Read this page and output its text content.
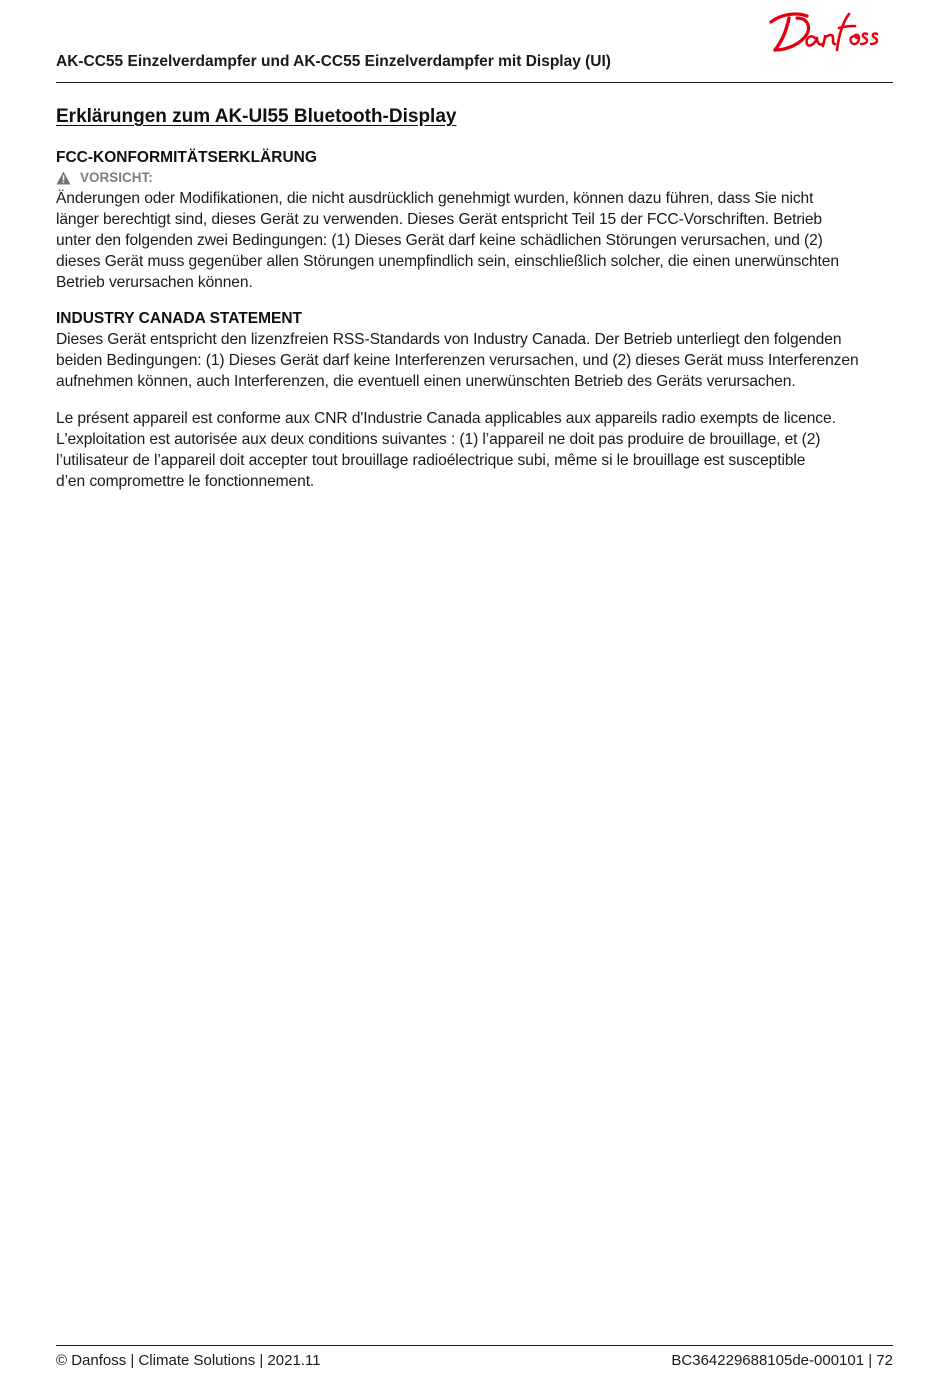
AK-CC55 Einzelverdampfer und AK-CC55 Einzelverdampfer mit Display (UI)
Erklärungen zum AK-UI55 Bluetooth-Display
FCC-KONFORMITÄTSERKLÄRUNG
VORSICHT:

Änderungen oder Modifikationen, die nicht ausdrücklich genehmigt wurden, können dazu führen, dass Sie nicht
länger berechtigt sind, dieses Gerät zu verwenden. Dieses Gerät entspricht Teil 15 der FCC-Vorschriften. Betrieb
unter den folgenden zwei Bedingungen: (1) Dieses Gerät darf keine schädlichen Störungen verursachen, und (2)
dieses Gerät muss gegenüber allen Störungen unempfindlich sein, einschließlich solcher, die einen unerwünschten
Betrieb verursachen können.

INDUSTRY CANADA STATEMENT

Dieses Gerät entspricht den lizenzfreien RSS-Standards von Industry Canada. Der Betrieb unterliegt den folgenden
beiden Bedingungen: (1) Dieses Gerät darf keine Interferenzen verursachen, und (2) dieses Gerät muss Interferenzen
aufnehmen können, auch Interferenzen, die eventuell einen unerwünschten Betrieb des Geräts verursachen.

Le présent appareil est conforme aux CNR d'Industrie Canada applicables aux appareils radio exempts de licence.
L'exploitation est autorisée aux deux conditions suivantes : (1) l’appareil ne doit pas produire de brouillage, et (2)
l’utilisateur de l’appareil doit accepter tout brouillage radioélectrique subi, même si le brouillage est susceptible
d’en compromettre le fonctionnement.

© Danfoss | Climate Solutions | 2021.11	BC364229688105de-000101 | 72
